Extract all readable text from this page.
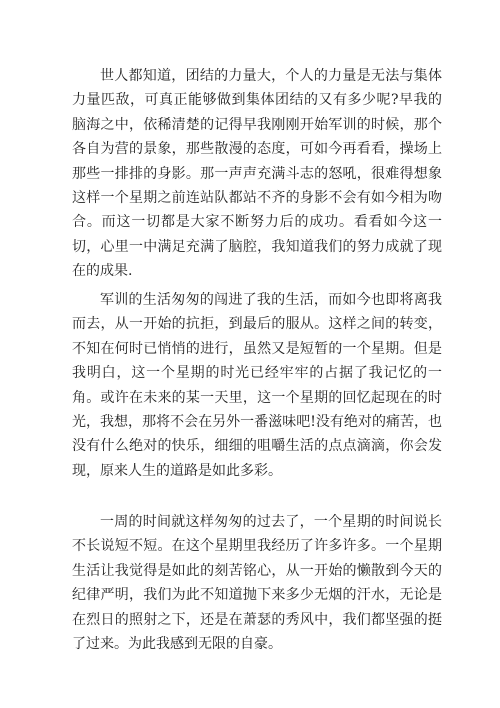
世人都知道，团结的力量大，个人的力量是无法与集体力量匹敌，可真正能够做到集体团结的又有多少呢?早我的脑海之中，依稀清楚的记得早我刚刚开始军训的时候，那个各自为营的景象，那些散漫的态度，可如今再看看，操场上那些一排排的身影。那一声声充满斗志的怒吼，很难得想象这样一个星期之前连站队都站不齐的身影不会有如今相为吻合。而这一切都是大家不断努力后的成功。看看如今这一切，心里一中满足充满了脑腔，我知道我们的努力成就了现在的成果.

军训的生活匆匆的闯进了我的生活，而如今也即将离我而去，从一开始的抗拒，到最后的服从。这样之间的转变，不知在何时已悄悄的进行，虽然又是短暂的一个星期。但是我明白，这一个星期的时光已经牢牢的占据了我记忆的一角。或许在未来的某一天里，这一个星期的回忆起现在的时光，我想，那将不会在另外一番滋味吧!没有绝对的痛苦，也没有什么绝对的快乐，细细的咀嚼生活的点点滴滴，你会发现，原来人生的道路是如此多彩。

一周的时间就这样匆匆的过去了，一个星期的时间说长不长说短不短。在这个星期里我经历了许多许多。一个星期生活让我觉得是如此的刻苦铭心，从一开始的懒散到今天的纪律严明，我们为此不知道抛下来多少无烟的汗水，无论是在烈日的照射之下，还是在萧瑟的秀风中，我们都坚强的挺了过来。为此我感到无限的自豪。
